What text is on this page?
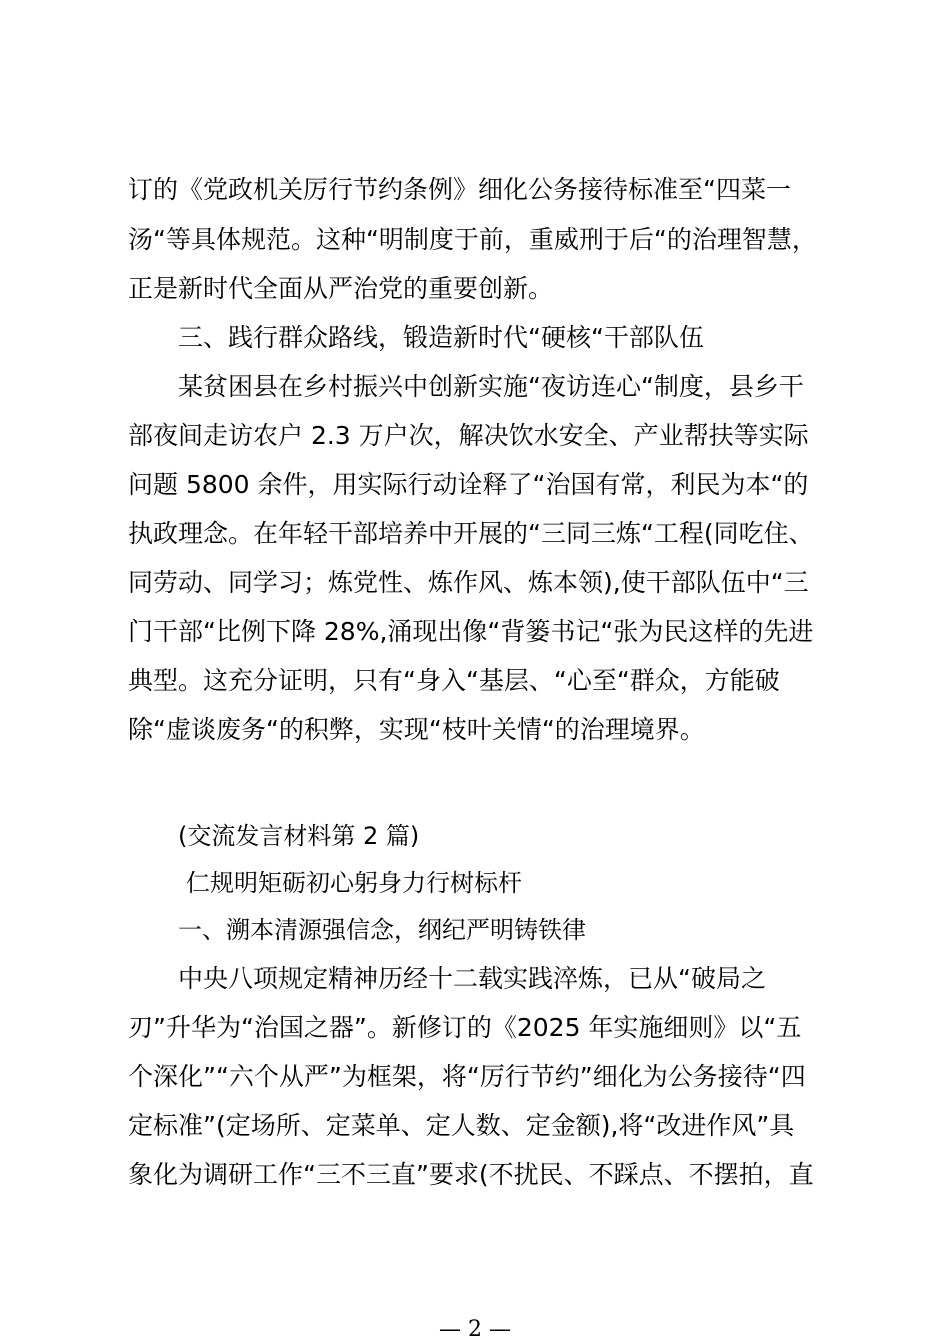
订的《党政机关厉行节约条例》细化公务接待标准至“四菜一
汤“等具体规范。这种“明制度于前，重威刑于后“的治理智慧，
正是新时代全面从严治党的重要创新。
三、践行群众路线，锻造新时代“硬核“干部队伍
某贫困县在乡村振兴中创新实施“夜访连心“制度，县乡干
部夜间走访农户 2.3 万户次，解决饮水安全、产业帮扶等实际
问题 5800 余件，用实际行动诠释了“治国有常，利民为本“的
执政理念。在年轻干部培养中开展的“三同三炼“工程(同吃住、
同劳动、同学习；炼党性、炼作风、炼本领),使干部队伍中“三
门干部“比例下降 28%,涌现出像“背篓书记“张为民这样的先进
典型。这充分证明，只有“身入“基层、“心至“群众，方能破
除“虚谈废务“的积弊，实现“枝叶关情“的治理境界。
(交流发言材料第 2 篇)
仁规明矩砺初心躬身力行树标杆
一、溯本清源强信念，纲纪严明铸铁律
中央八项规定精神历经十二载实践淬炼，已从“破局之
刃”升华为“治国之器”。新修订的《2025 年实施细则》以“五
个深化”“六个从严”为框架，将“厉行节约”细化为公务接待“四
定标准”(定场所、定菜单、定人数、定金额),将“改进作风”具
象化为调研工作“三不三直”要求(不扰民、不踩点、不摆拍，直
— 2 —
